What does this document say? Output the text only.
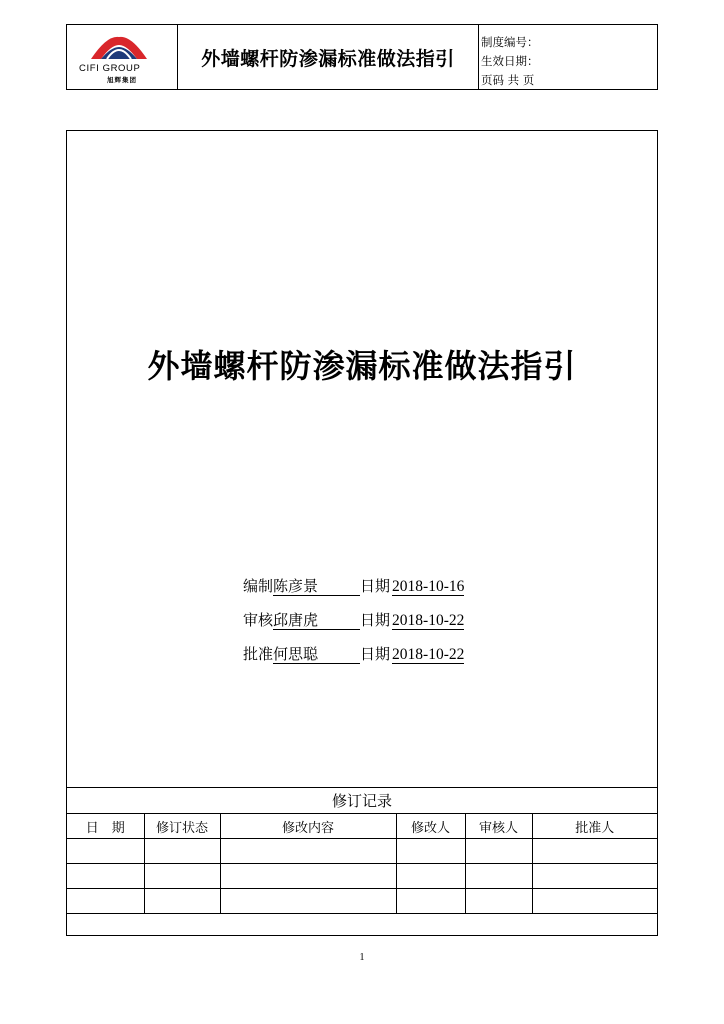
CIFI GROUP
旭辉集团
外墙螺杆防渗漏标准做法指引
制度编号：
生效日期：
页码 共 页
外墙螺杆防渗漏标准做法指引
编制陈彦景	日期 2018-10-16
审核邱唐虎	日期 2018-10-22
批准何思聪	日期 2018-10-22
修订记录					
日　期	修订状态	修改内容	修改人	审核人	批准人

1
